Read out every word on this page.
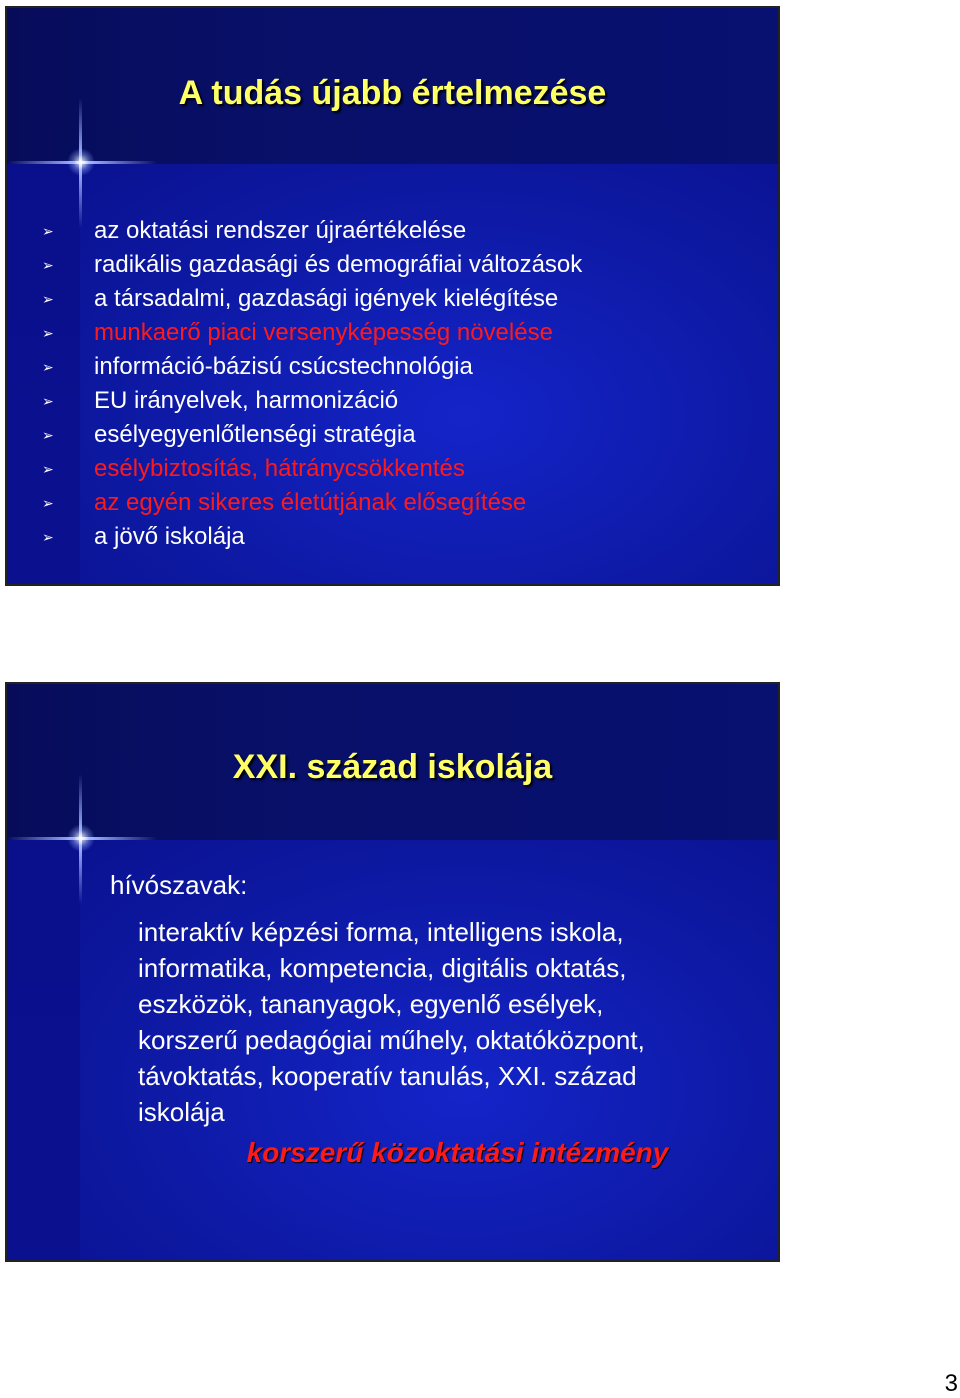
A tudás újabb értelmezése
➢ az oktatási rendszer újraértékelése
➢ radikális gazdasági és demográfiai változások
➢ a társadalmi, gazdasági igények kielégítése
➢ munkaerő piaci versenyképesség növelése
➢ információ-bázisú csúcstechnológia
➢ EU irányelvek, harmonizáció
➢ esélyegyenlőtlenségi stratégia
➢ esélybiztosítás, hátránycsökkentés
➢ az egyén sikeres életútjának elősegítése
➢ a jövő iskolája
XXI. század iskolája
hívószavak:
interaktív képzési forma, intelligens iskola,
informatika, kompetencia, digitális oktatás,
eszközök, tananyagok, egyenlő esélyek,
korszerű pedagógiai műhely, oktatóközpont,
távoktatás, kooperatív tanulás, XXI. század
iskolája
korszerű közoktatási intézmény
3
